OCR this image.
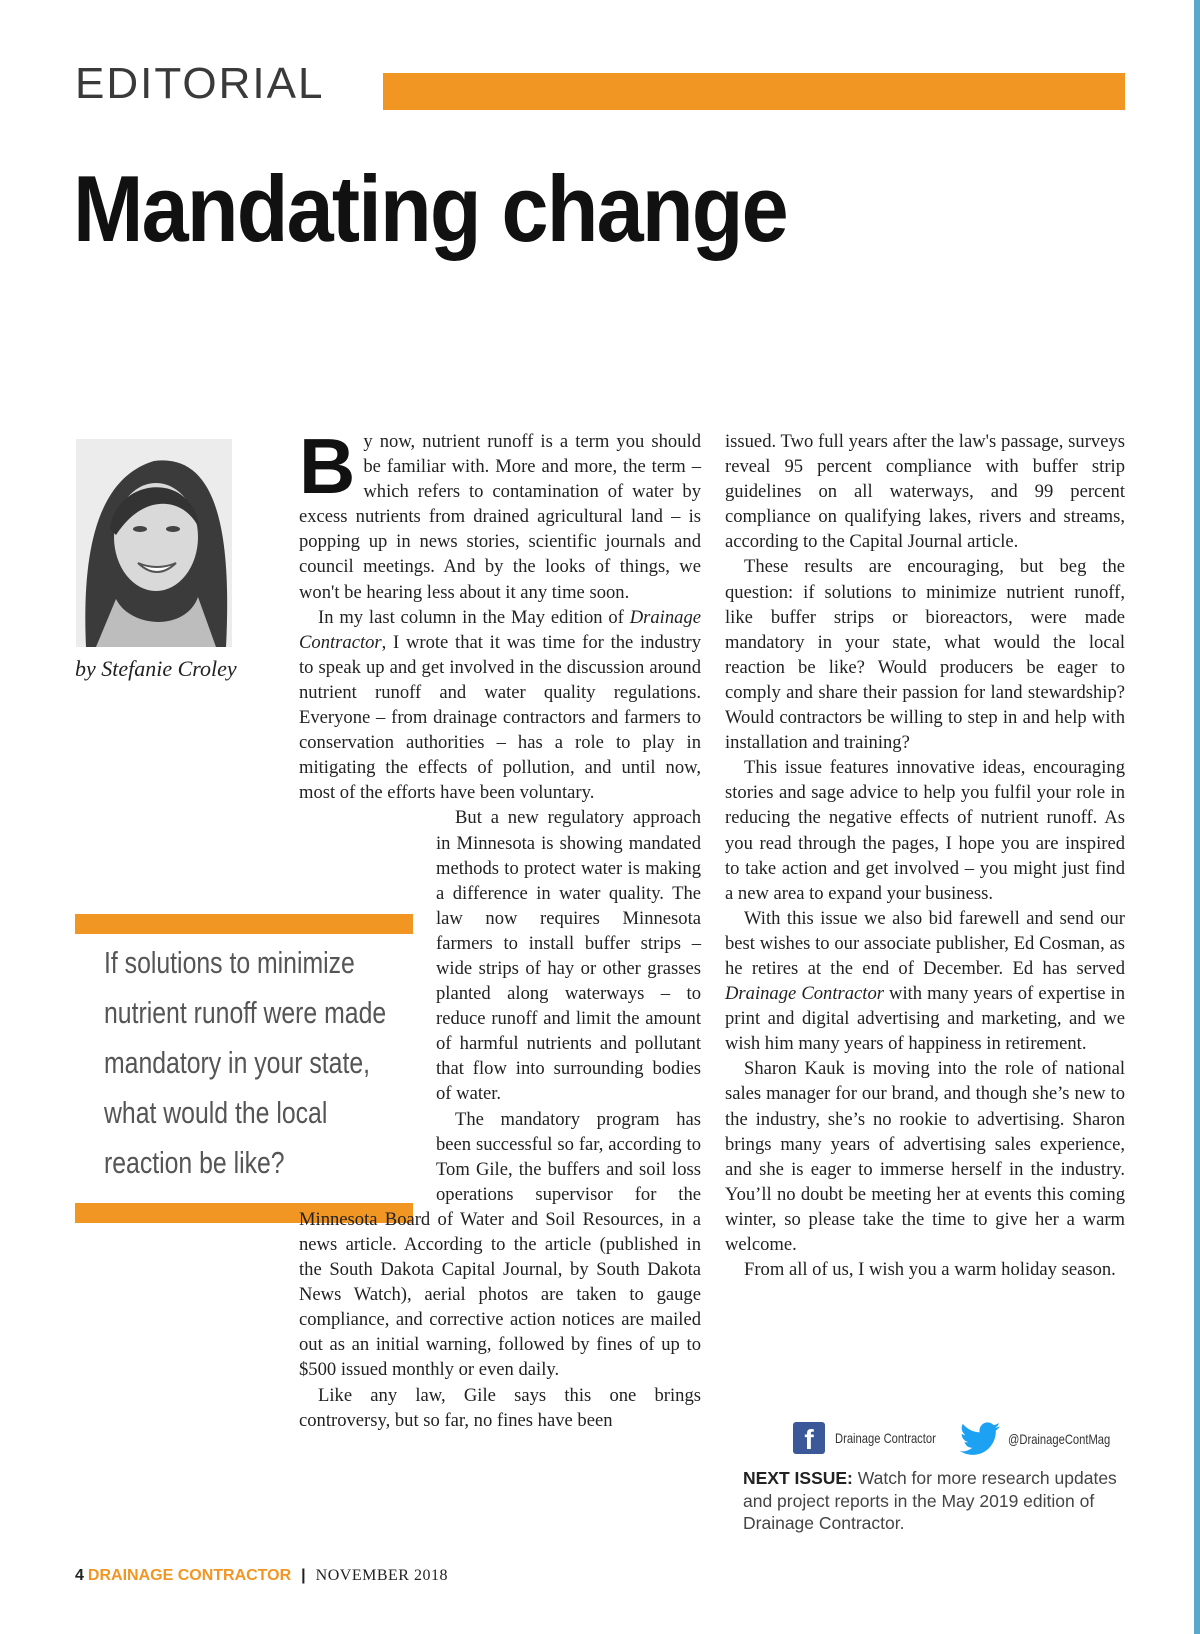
EDITORIAL
Mandating change
by Stefanie Croley
If solutions to minimize nutrient runoff were made mandatory in your state, what would the local reaction be like?
B y now, nutrient runoff is a term you should be familiar with. More and more, the term – which refers to contamination of water by excess nutrients from drained agricultural land – is popping up in news stories, scientific journals and council meetings. And by the looks of things, we won't be hearing less about it any time soon.

In my last column in the May edition of Drainage Contractor, I wrote that it was time for the industry to speak up and get involved in the discussion around nutrient runoff and water quality regulations. Everyone – from drainage contractors and farmers to conservation authorities – has a role to play in mitigating the effects of pollution, and until now, most of the efforts have been voluntary.

But a new regulatory approach in Minnesota is showing mandated methods to protect water is making a difference in water quality. The law now requires Minnesota farmers to install buffer strips – wide strips of hay or other grasses planted along waterways – to reduce runoff and limit the amount of harmful nutrients and pollutant that flow into surrounding bodies of water.

The mandatory program has been successful so far, according to Tom Gile, the buffers and soil loss operations supervisor for the Minnesota Board of Water and Soil Resources, in a news article. According to the article (published in the South Dakota Capital Journal, by South Dakota News Watch), aerial photos are taken to gauge compliance, and corrective action notices are mailed out as an initial warning, followed by fines of up to $500 issued monthly or even daily.

Like any law, Gile says this one brings controversy, but so far, no fines have been

issued. Two full years after the law's passage, surveys reveal 95 percent compliance with buffer strip guidelines on all waterways, and 99 percent compliance on qualifying lakes, rivers and streams, according to the Capital Journal article.

These results are encouraging, but beg the question: if solutions to minimize nutrient runoff, like buffer strips or bioreactors, were made mandatory in your state, what would the local reaction be like? Would producers be eager to comply and share their passion for land stewardship? Would contractors be willing to step in and help with installation and training?

This issue features innovative ideas, encouraging stories and sage advice to help you fulfil your role in reducing the negative effects of nutrient runoff. As you read through the pages, I hope you are inspired to take action and get involved – you might just find a new area to expand your business.

With this issue we also bid farewell and send our best wishes to our associate publisher, Ed Cosman, as he retires at the end of December. Ed has served Drainage Contractor with many years of expertise in print and digital advertising and marketing, and we wish him many years of happiness in retirement.

Sharon Kauk is moving into the role of national sales manager for our brand, and though she’s new to the industry, she’s no rookie to advertising. Sharon brings many years of advertising sales experience, and she is eager to immerse herself in the industry. You’ll no doubt be meeting her at events this coming winter, so please take the time to give her a warm welcome.

From all of us, I wish you a warm holiday season.

f	Drainage Contractor	@DrainageContMag
NEXT ISSUE: Watch for more research updates and project reports in the May 2019 edition of Drainage Contractor.
4 DRAINAGE CONTRACTOR | NOVEMBER 2018
